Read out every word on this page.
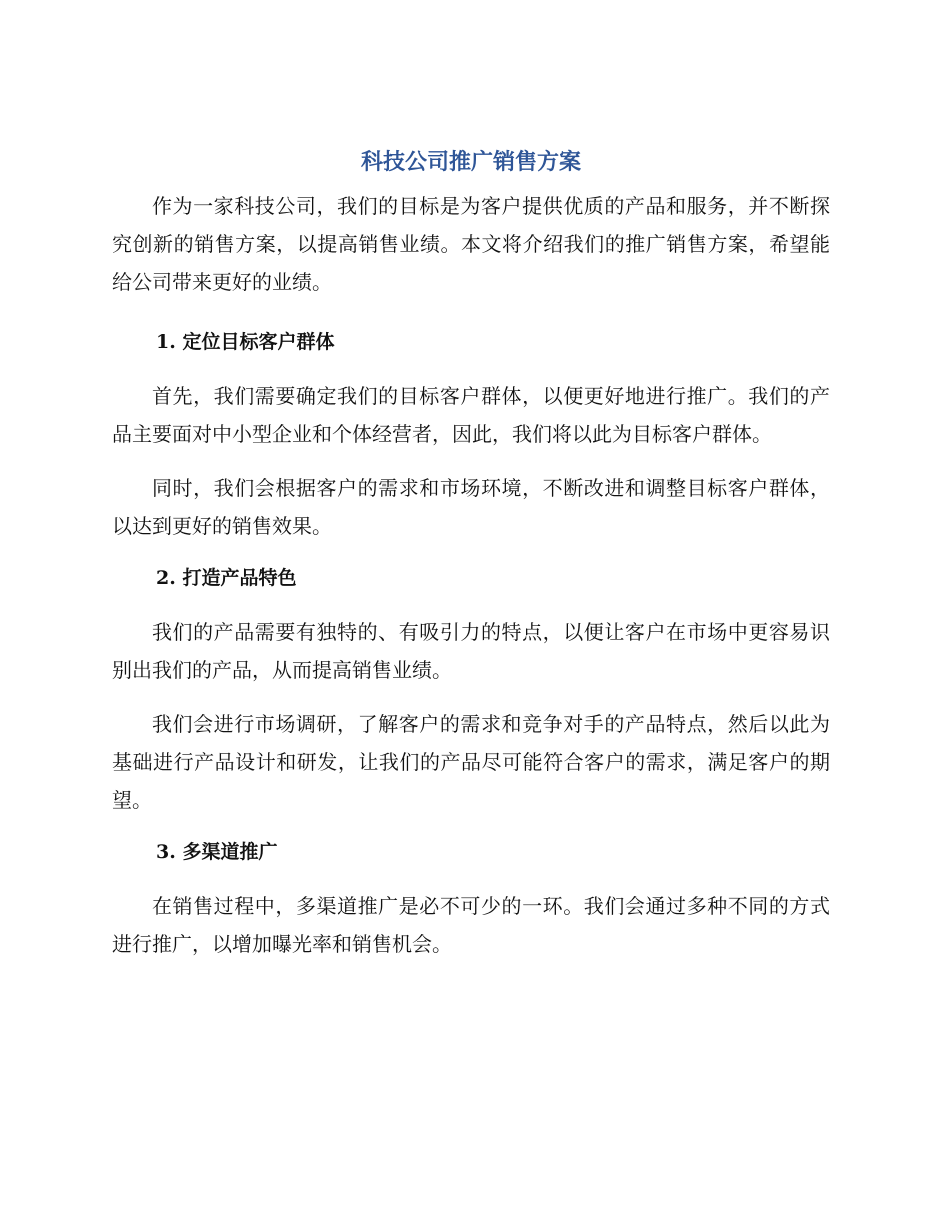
科技公司推广销售方案

作为一家科技公司，我们的目标是为客户提供优质的产品和服务，并不断探究创新的销售方案，以提高销售业绩。本文将介绍我们的推广销售方案，希望能给公司带来更好的业绩。

1. 定位目标客户群体

首先，我们需要确定我们的目标客户群体，以便更好地进行推广。我们的产品主要面对中小型企业和个体经营者，因此，我们将以此为目标客户群体。

同时，我们会根据客户的需求和市场环境，不断改进和调整目标客户群体，以达到更好的销售效果。

2. 打造产品特色

我们的产品需要有独特的、有吸引力的特点，以便让客户在市场中更容易识别出我们的产品，从而提高销售业绩。

我们会进行市场调研，了解客户的需求和竞争对手的产品特点，然后以此为基础进行产品设计和研发，让我们的产品尽可能符合客户的需求，满足客户的期望。

3. 多渠道推广

在销售过程中，多渠道推广是必不可少的一环。我们会通过多种不同的方式进行推广，以增加曝光率和销售机会。
